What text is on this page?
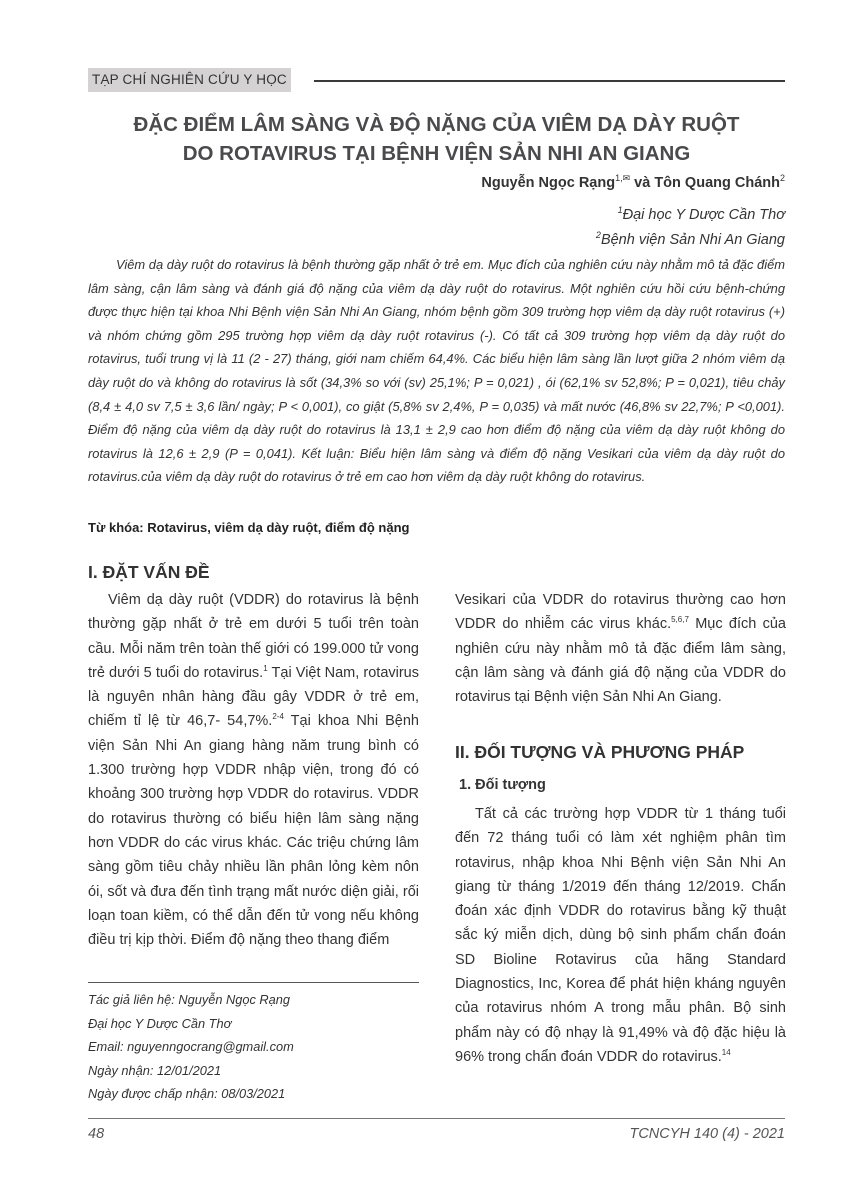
TẠP CHÍ NGHIÊN CỨU Y HỌC
ĐẶC ĐIỂM LÂM SÀNG VÀ ĐỘ NẶNG CỦA VIÊM DẠ DÀY RUỘT
DO ROTAVIRUS TẠI BỆNH VIỆN SẢN NHI AN GIANG
Nguyễn Ngọc Rạng$^{1,✉}$ và Tôn Quang Chánh$^2$
$^1$Đại học Y Dược Cần Thơ
$^2$Bệnh viện Sản Nhi An Giang
Viêm dạ dày ruột do rotavirus là bệnh thường gặp nhất ở trẻ em. Mục đích của nghiên cứu này nhằm mô tả đặc điểm lâm sàng, cận lâm sàng và đánh giá độ nặng của viêm dạ dày ruột do rotavirus. Một nghiên cứu hồi cứu bệnh-chứng được thực hiện tại khoa Nhi Bệnh viện Sản Nhi An Giang, nhóm bệnh gồm 309 trường hợp viêm dạ dày ruột rotavirus (+) và nhóm chứng gồm 295 trường hợp viêm dạ dày ruột rotavirus (-). Có tất cả 309 trường hợp viêm dạ dày ruột do rotavirus, tuổi trung vị là 11 (2 - 27) tháng, giới nam chiếm 64,4%. Các biểu hiện lâm sàng lần lượt giữa 2 nhóm viêm dạ dày ruột do và không do rotavirus là sốt (34,3% so với (sv) 25,1%; P = 0,021) , ói (62,1% sv 52,8%; P = 0,021), tiêu chảy (8,4 ± 4,0 sv 7,5 ± 3,6 lần/ ngày; P < 0,001), co giật (5,8% sv 2,4%, P = 0,035) và mất nước (46,8% sv 22,7%; P <0,001). Điểm độ nặng của viêm dạ dày ruột do rotavirus là 13,1 ± 2,9 cao hơn điểm độ nặng của viêm dạ dày ruột không do rotavirus là 12,6 ± 2,9 (P = 0,041). Kết luận: Biểu hiện lâm sàng và điểm độ nặng Vesikari của viêm dạ dày ruột do rotavirus.của viêm dạ dày ruột do rotavirus ở trẻ em cao hơn viêm dạ dày ruột không do rotavirus.
Từ khóa: Rotavirus, viêm dạ dày ruột, điểm độ nặng
I. ĐẶT VẤN ĐỀ
Viêm dạ dày ruột (VDDR) do rotavirus là bệnh thường gặp nhất ở trẻ em dưới 5 tuổi trên toàn cầu. Mỗi năm trên toàn thế giới có 199.000 tử vong trẻ dưới 5 tuổi do rotavirus.$^1$ Tại Việt Nam, rotavirus là nguyên nhân hàng đầu gây VDDR ở trẻ em, chiếm tỉ lệ từ 46,7- 54,7%.$^{2-4}$ Tại khoa Nhi Bệnh viện Sản Nhi An giang hàng năm trung bình có 1.300 trường hợp VDDR nhập viện, trong đó có khoảng 300 trường hợp VDDR do rotavirus. VDDR do rotavirus thường có biểu hiện lâm sàng nặng hơn VDDR do các virus khác. Các triệu chứng lâm sàng gồm tiêu chảy nhiều lần phân lỏng kèm nôn ói, sốt và đưa đến tình trạng mất nước diện giải, rối loạn toan kiềm, có thể dẫn đến tử vong nếu không điều trị kịp thời. Điểm độ nặng theo thang điểm
Vesikari của VDDR do rotavirus thường cao hơn VDDR do nhiễm các virus khác.$^{5,6,7}$ Mục đích của nghiên cứu này nhằm mô tả đặc điểm lâm sàng, cận lâm sàng và đánh giá độ nặng của VDDR do rotavirus tại Bệnh viện Sản Nhi An Giang.
II. ĐỐI TƯỢNG VÀ PHƯƠNG PHÁP
1. Đối tượng
Tất cả các trường hợp VDDR từ 1 tháng tuổi đến 72 tháng tuổi có làm xét nghiệm phân tìm rotavirus, nhập khoa Nhi Bệnh viện Sản Nhi An giang từ tháng 1/2019 đến tháng 12/2019. Chẩn đoán xác định VDDR do rotavirus bằng kỹ thuật sắc ký miễn dịch, dùng bộ sinh phẩm chẩn đoán SD Bioline Rotavirus của hãng Standard Diagnostics, Inc, Korea để phát hiện kháng nguyên của rotavirus nhóm A trong mẫu phân. Bộ sinh phẩm này có độ nhạy là 91,49% và độ đặc hiệu là 96% trong chẩn đoán VDDR do rotavirus.$^{14}$
Tác giả liên hệ: Nguyễn Ngọc Rạng
Đại học Y Dược Cần Thơ
Email: nguyenngocrang@gmail.com
Ngày nhận: 12/01/2021
Ngày được chấp nhận: 08/03/2021
48	TCNCYH 140 (4) - 2021
